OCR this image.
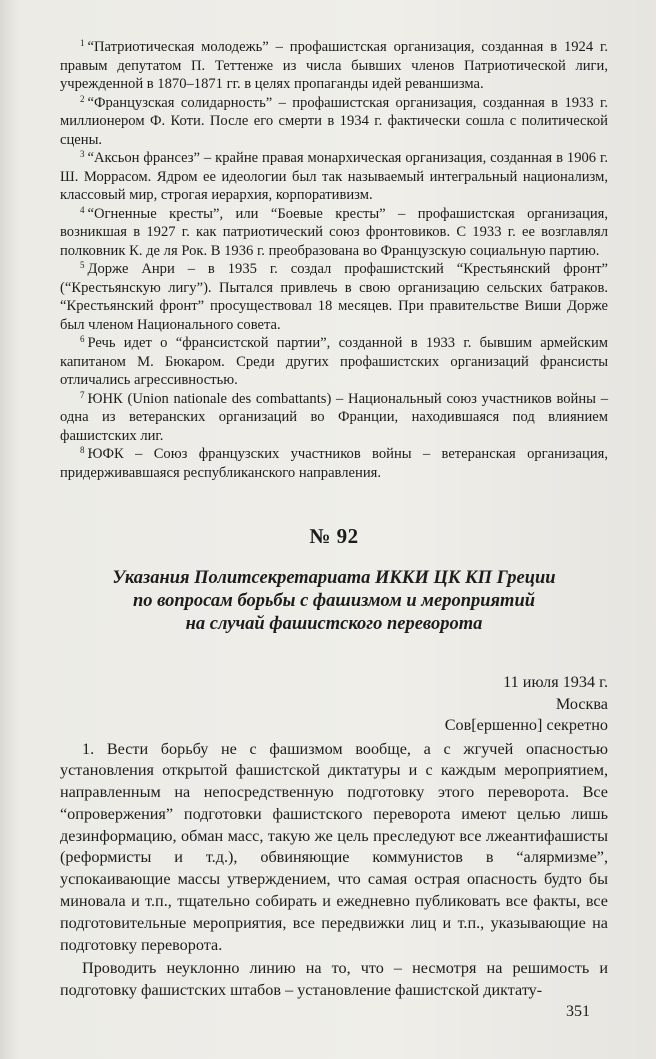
$^1$ “Патриотическая молодежь” – профашистская организация, созданная в 1924 г. правым депутатом П. Теттенже из числа бывших членов Патриотической лиги, учрежденной в 1870–1871 гг. в целях пропаганды идей реваншизма.

$^2$ “Французская солидарность” – профашистская организация, созданная в 1933 г. миллионером Ф. Коти. После его смерти в 1934 г. фактически сошла с политической сцены.

$^3$ “Аксьон франсез” – крайне правая монархическая организация, созданная в 1906 г. Ш. Моррасом. Ядром ее идеологии был так называемый интегральный национализм, классовый мир, строгая иерархия, корпоративизм.

$^4$ “Огненные кресты”, или “Боевые кресты” – профашистская организация, возникшая в 1927 г. как патриотический союз фронтовиков. С 1933 г. ее возглавлял полковник К. де ля Рок. В 1936 г. преобразована во Французскую социальную партию.

$^5$ Дорже Анри – в 1935 г. создал профашистский “Крестьянский фронт” (“Крестьянскую лигу”). Пытался привлечь в свою организацию сельских батраков. “Крестьянский фронт” просуществовал 18 месяцев. При правительстве Виши Дорже был членом Национального совета.

$^6$ Речь идет о “франсистской партии”, созданной в 1933 г. бывшим армейским капитаном М. Бюкаром. Среди других профашистских организаций франсисты отличались агрессивностью.

$^7$ ЮНК (Union nationale des combattants) – Национальный союз участников войны – одна из ветеранских организаций во Франции, находившаяся под влиянием фашистских лиг.

$^8$ ЮФК – Союз французских участников войны – ветеранская организация, придерживавшаяся республиканского направления.

№ 92

Указания Политсекретариата ИККИ ЦК КП Греции

по вопросам борьбы с фашизмом и мероприятий

на случай фашистского переворота

11 июля 1934 г.
Москва
Сов[ершенно] секретно

1. Вести борьбу не с фашизмом вообще, а с жгучей опасностью установления открытой фашистской диктатуры и с каждым мероприятием, направленным на непосредственную подготовку этого переворота. Все “опровержения” подготовки фашистского переворота имеют целью лишь дезинформацию, обман масс, такую же цель преследуют все лжеантифашисты (реформисты и т.д.), обвиняющие коммунистов в “алярмизме”, успокаивающие массы утверждением, что самая острая опасность будто бы миновала и т.п., тщательно собирать и ежедневно публиковать все факты, все подготовительные мероприятия, все передвижки лиц и т.п., указывающие на подготовку переворота.

Проводить неуклонно линию на то, что – несмотря на решимость и подготовку фашистских штабов – установление фашистской диктату-

351
